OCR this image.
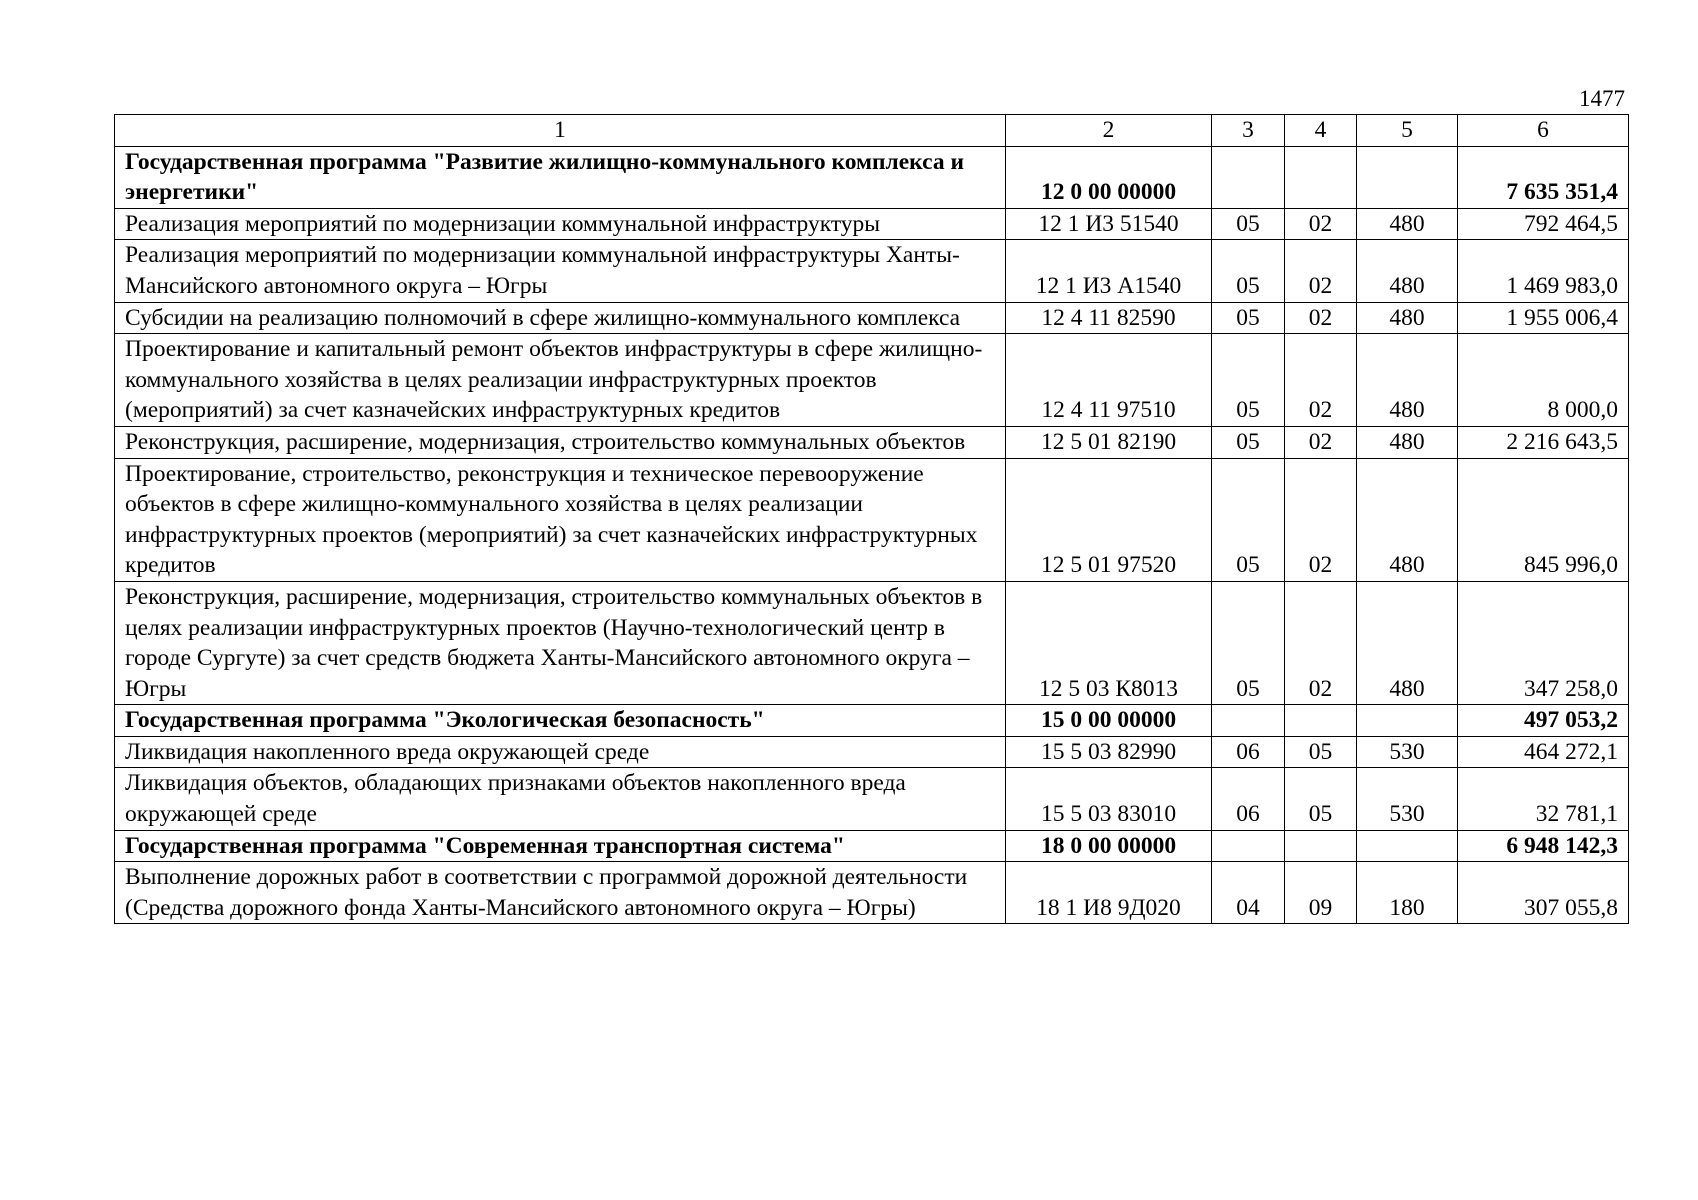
1477
1	2	3	4	5	6
Государственная программа "Развитие жилищно-коммунального комплекса и энергетики"	12 0 00 00000				7 635 351,4
Реализация мероприятий по модернизации коммунальной инфраструктуры	12 1 И3 51540	05	02	480	792 464,5
Реализация мероприятий по модернизации коммунальной инфраструктуры Ханты-Мансийского автономного округа – Югры	12 1 И3 А1540	05	02	480	1 469 983,0
Субсидии на реализацию полномочий в сфере жилищно-коммунального комплекса	12 4 11 82590	05	02	480	1 955 006,4
Проектирование и капитальный ремонт объектов инфраструктуры в сфере жилищно-коммунального хозяйства в целях реализации инфраструктурных проектов (мероприятий) за счет казначейских инфраструктурных кредитов	12 4 11 97510	05	02	480	8 000,0
Реконструкция, расширение, модернизация, строительство коммунальных объектов	12 5 01 82190	05	02	480	2 216 643,5
Проектирование, строительство, реконструкция и техническое перевооружение объектов в сфере жилищно-коммунального хозяйства в целях реализации инфраструктурных проектов (мероприятий) за счет казначейских инфраструктурных кредитов	12 5 01 97520	05	02	480	845 996,0
Реконструкция, расширение, модернизация, строительство коммунальных объектов в целях реализации инфраструктурных проектов (Научно-технологический центр в городе Сургуте) за счет средств бюджета Ханты-Мансийского автономного округа – Югры	12 5 03 К8013	05	02	480	347 258,0
Государственная программа "Экологическая безопасность"	15 0 00 00000				497 053,2
Ликвидация накопленного вреда окружающей среде	15 5 03 82990	06	05	530	464 272,1
Ликвидация объектов, обладающих признаками объектов накопленного вреда окружающей среде	15 5 03 83010	06	05	530	32 781,1
Государственная программа "Современная транспортная система"	18 0 00 00000				6 948 142,3
Выполнение дорожных работ в соответствии с программой дорожной деятельности (Средства дорожного фонда Ханты-Мансийского автономного округа – Югры)	18 1 И8 9Д020	04	09	180	307 055,8
